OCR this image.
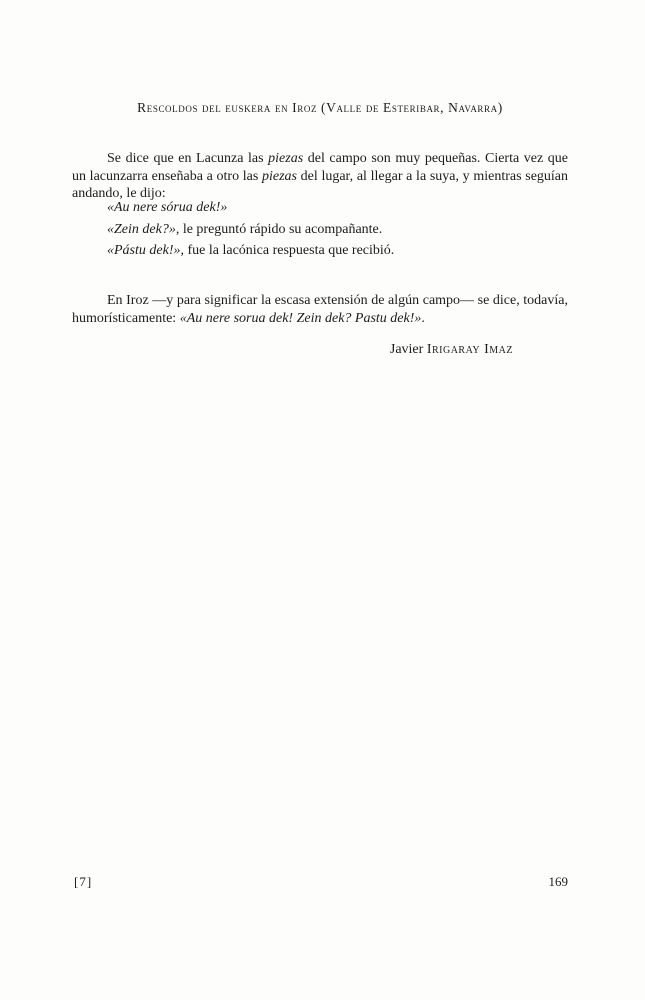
Rescoldos del euskera en Iroz (Valle de Esteribar, Navarra)

Se dice que en Lacunza las piezas del campo son muy pequeñas. Cierta vez que un lacunzarra enseñaba a otro las piezas del lugar, al llegar a la suya, y mientras seguían andando, le dijo:

«Au nere sórua dek!»
«Zein dek?», le preguntó rápido su acompañante.
«Pástu dek!», fue la lacónica respuesta que recibió.

En Iroz —y para significar la escasa extensión de algún campo— se dice, todavía, humorísticamente: «Au nere sorua dek! Zein dek? Pastu dek!».

Javier Irigaray Imaz
[7]	169
